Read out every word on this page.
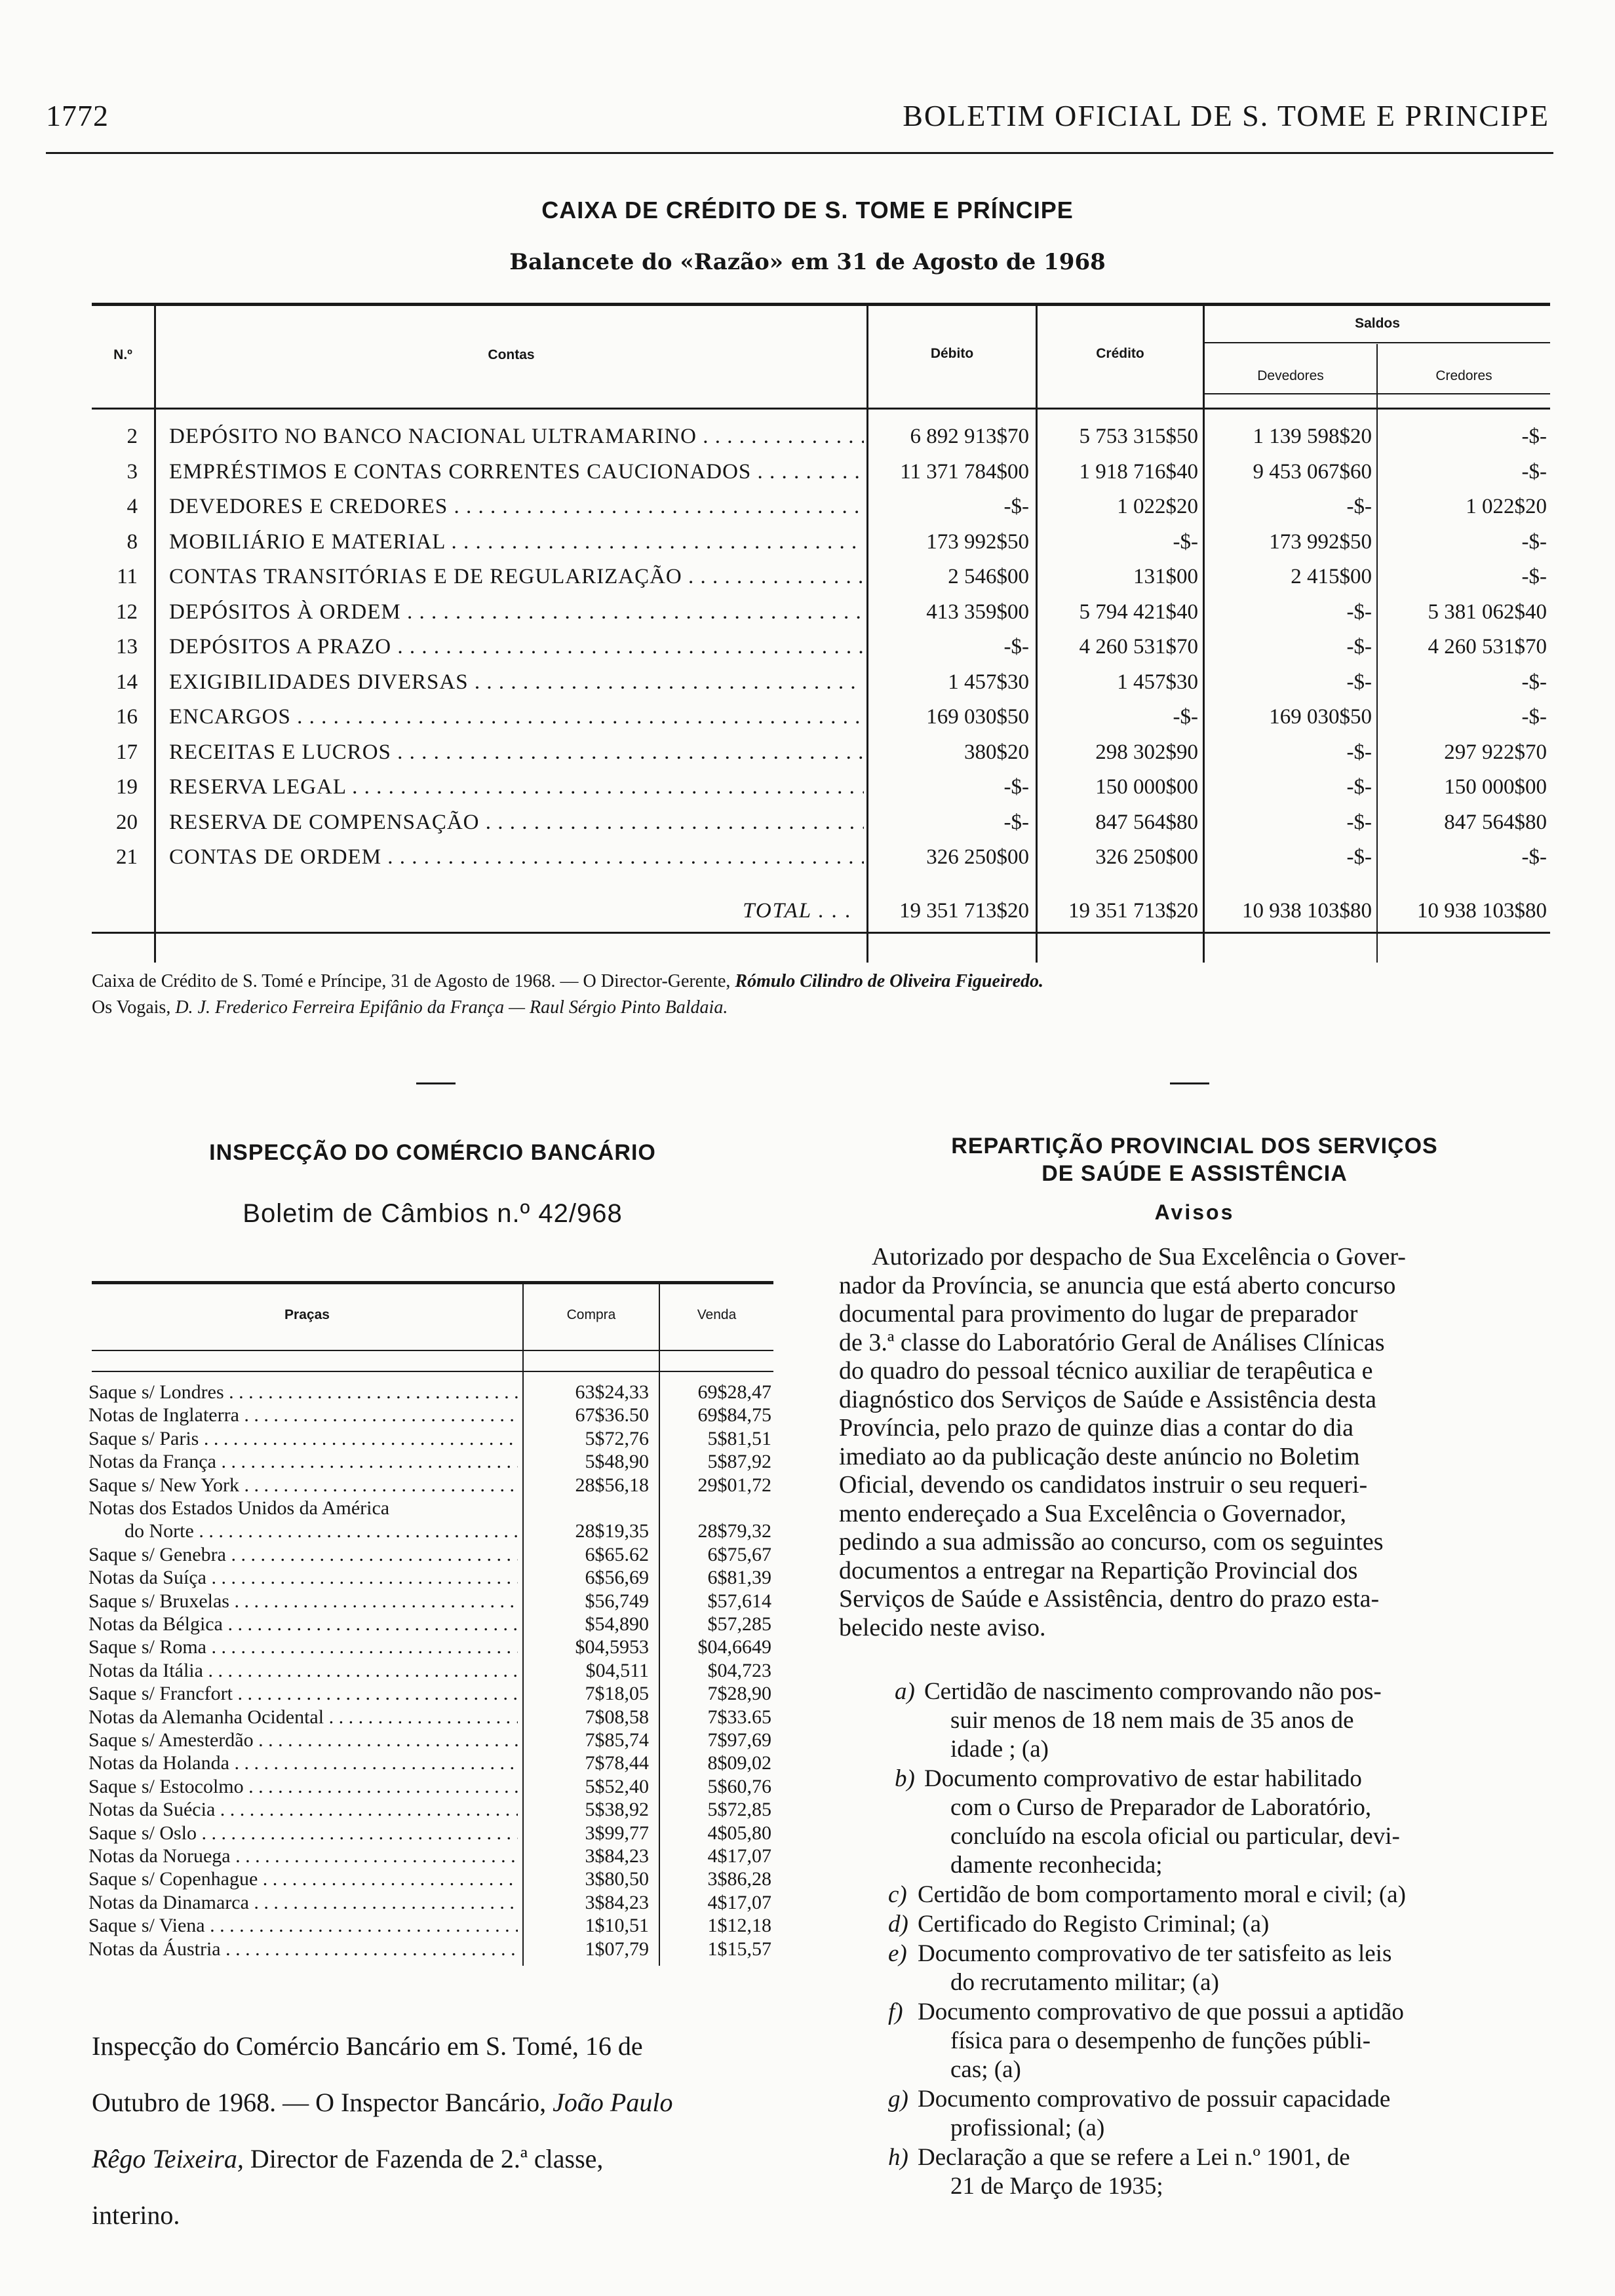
1772	BOLETIM OFICIAL DE S. TOME E PRINCIPE
CAIXA DE CRÉDITO DE S. TOME E PRÍNCIPE
Balancete do «Razão» em 31 de Agosto de 1968
N.º	Contas	Débito	Crédito
Saldos
Devedores	Credores
2 DEPÓSITO NO BANCO NACIONAL ULTRAMARINO . . .	6 892 913$70	5 753 315$50	1 139 598$20	-$-
3 EMPRÉSTIMOS E CONTAS CORRENTES CAUCIONADOS . . .	11 371 784$00	1 918 716$40	9 453 067$60	-$-
4 DEVEDORES E CREDORES . . .	-$-	1 022$20	-$-	1 022$20
8 MOBILIÁRIO E MATERIAL . . .	173 992$50	-$-	173 992$50	-$-
11 CONTAS TRANSITÓRIAS E DE REGULARIZAÇÃO . . .	2 546$00	131$00	2 415$00	-$-
12 DEPÓSITOS À ORDEM . . .	413 359$00	5 794 421$40	-$-	5 381 062$40
13 DEPÓSITOS A PRAZO . . .	-$-	4 260 531$70	-$-	4 260 531$70
14 EXIGIBILIDADES DIVERSAS . . .	1 457$30	1 457$30	-$-	-$-
16 ENCARGOS . . .	169 030$50	-$-	169 030$50	-$-
17 RECEITAS E LUCROS . . .	380$20	298 302$90	-$-	297 922$70
19 RESERVA LEGAL . . .	-$-	150 000$00	-$-	150 000$00
20 RESERVA DE COMPENSAÇÃO . . .	-$-	847 564$80	-$-	847 564$80
21 CONTAS DE ORDEM . . .	326 250$00	326 250$00	-$-	-$-
TOTAL . . .	19 351 713$20	19 351 713$20	10 938 103$80	10 938 103$80
Caixa de Crédito de S. Tomé e Príncipe, 31 de Agosto de 1968. — O Director-Gerente, Rómulo Cilindro de Oliveira Figueiredo.
Os Vogais, D. J. Frederico Ferreira Epifânio da França — Raul Sérgio Pinto Baldaia.
INSPECÇÃO DO COMÉRCIO BANCÁRIO
Boletim de Câmbios n.º 42/968
Praças	Compra	Venda
Saque s/ Londres . . .	63$24,33	69$28,47
Notas de Inglaterra . . .	67$36.50	69$84,75
Saque s/ Paris . . .	5$72,76	5$81,51
Notas da França . . .	5$48,90	5$87,92
Saque s/ New York . . .	28$56,18	29$01,72
Notas dos Estados Unidos da América
do Norte . . .	28$19,35	28$79,32
Saque s/ Genebra . . .	6$65.62	6$75,67
Notas da Suíça . . .	6$56,69	6$81,39
Saque s/ Bruxelas . . .	$56,749	$57,614
Notas da Bélgica . . .	$54,890	$57,285
Saque s/ Roma . . .	$04,5953	$04,6649
Notas da Itália . . .	$04,511	$04,723
Saque s/ Francfort . . .	7$18,05	7$28,90
Notas da Alemanha Ocidental . . .	7$08,58	7$33.65
Saque s/ Amesterdão . . .	7$85,74	7$97,69
Notas da Holanda . . .	7$78,44	8$09,02
Saque s/ Estocolmo . . .	5$52,40	5$60,76
Notas da Suécia . . .	5$38,92	5$72,85
Saque s/ Oslo . . .	3$99,77	4$05,80
Notas da Noruega . . .	3$84,23	4$17,07
Saque s/ Copenhague . . .	3$80,50	3$86,28
Notas da Dinamarca . . .	3$84,23	4$17,07
Saque s/ Viena . . .	1$10,51	1$12,18
Notas da Áustria . . .	1$07,79	1$15,57
Inspecção do Comércio Bancário em S. Tomé, 16 de
Outubro de 1968. — O Inspector Bancário, João Paulo
Rêgo Teixeira, Director de Fazenda de 2.ª classe,
interino.
REPARTIÇÃO PROVINCIAL DOS SERVIÇOS
DE SAÚDE E ASSISTÊNCIA
Avisos
Autorizado por despacho de Sua Excelência o Gover-
nador da Província, se anuncia que está aberto concurso
documental para provimento do lugar de preparador
de 3.ª classe do Laboratório Geral de Análises Clínicas
do quadro do pessoal técnico auxiliar de terapêutica e
diagnóstico dos Serviços de Saúde e Assistência desta
Província, pelo prazo de quinze dias a contar do dia
imediato ao da publicação deste anúncio no Boletim
Oficial, devendo os candidatos instruir o seu requeri-
mento endereçado a Sua Excelência o Governador,
pedindo a sua admissão ao concurso, com os seguintes
documentos a entregar na Repartição Provincial dos
Serviços de Saúde e Assistência, dentro do prazo esta-
belecido neste aviso.
a) Certidão de nascimento comprovando não pos-
suir menos de 18 nem mais de 35 anos de
idade ; (a)
b) Documento comprovativo de estar habilitado
com o Curso de Preparador de Laboratório,
concluído na escola oficial ou particular, devi-
damente reconhecida;
c) Certidão de bom comportamento moral e civil; (a)
d) Certificado do Registo Criminal; (a)
e) Documento comprovativo de ter satisfeito as leis
do recrutamento militar; (a)
f) Documento comprovativo de que possui a aptidão
física para o desempenho de funções públi-
cas; (a)
g) Documento comprovativo de possuir capacidade
profissional; (a)
h) Declaração a que se refere a Lei n.º 1901, de
21 de Março de 1935;
